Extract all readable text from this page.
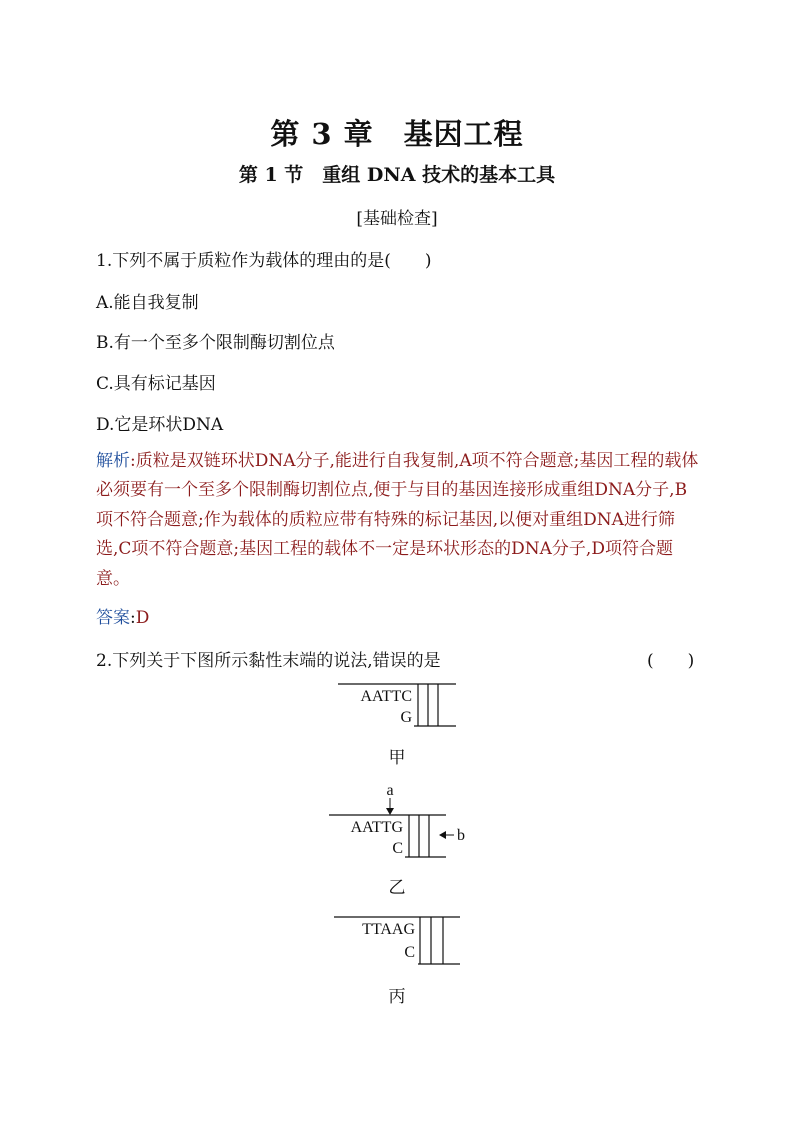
第 3 章　基因工程
第 1 节　重组 DNA 技术的基本工具
[基础检查]
1.下列不属于质粒作为载体的理由的是(　　)
A.能自我复制
B.有一个至多个限制酶切割位点
C.具有标记基因
D.它是环状DNA
解析:质粒是双链环状DNA分子,能进行自我复制,A项不符合题意;基因工程的载体必须要有一个至多个限制酶切割位点,便于与目的基因连接形成重组DNA分子,B项不符合题意;作为载体的质粒应带有特殊的标记基因,以便对重组DNA进行筛选,C项不符合题意;基因工程的载体不一定是环状形态的DNA分子,D项符合题意。
答案:D
2.下列关于下图所示黏性末端的说法,错误的是	(　　)
AATTC
G
甲
a
AATTG
C
b
乙
TTAAG
C
丙
